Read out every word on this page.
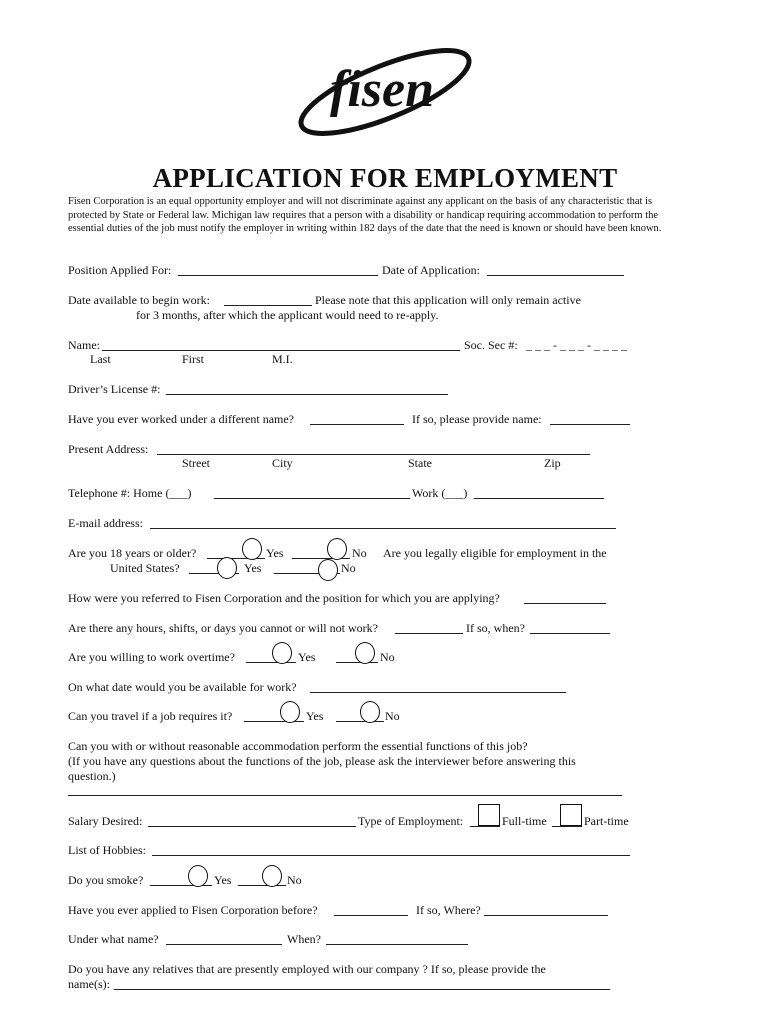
fisen
APPLICATION FOR EMPLOYMENT
Fisen Corporation is an equal opportunity employer and will not discriminate against any applicant on the basis of any characteristic that is protected by State or Federal law. Michigan law requires that a person with a disability or handicap requiring accommodation to perform the essential duties of the job must notify the employer in writing within 182 days of the date that the need is known or should have been known.
Position Applied For:	Date of Application:
Date available to begin work:	Please note that this application will only remain active
for 3 months, after which the applicant would need to re-apply.
Name:	Soc. Sec #: _ _ _ - _ _ _ - _ _ _ _
Last	First	M.I.
Driver’s License #:
Have you ever worked under a different name?	If so, please provide name:
Present Address:
Street	City	State	Zip
Telephone #: Home (___)	Work (___)
E-mail address:
Are you 18 years or older?	Yes	No Are you legally eligible for employment in the
United States?	Yes	No
How were you referred to Fisen Corporation and the position for which you are applying?
Are there any hours, shifts, or days you cannot or will not work?	If so, when?
Are you willing to work overtime?	Yes	No
On what date would you be available for work?
Can you travel if a job requires it?	Yes	No
Can you with or without reasonable accommodation perform the essential functions of this job?
(If you have any questions about the functions of the job, please ask the interviewer before answering this
question.)
Salary Desired:	Type of Employment:	Full-time	Part-time
List of Hobbies:
Do you smoke?	Yes	No
Have you ever applied to Fisen Corporation before?	If so, Where?
Under what name?	When?
Do you have any relatives that are presently employed with our company ? If so, please provide the
name(s):
